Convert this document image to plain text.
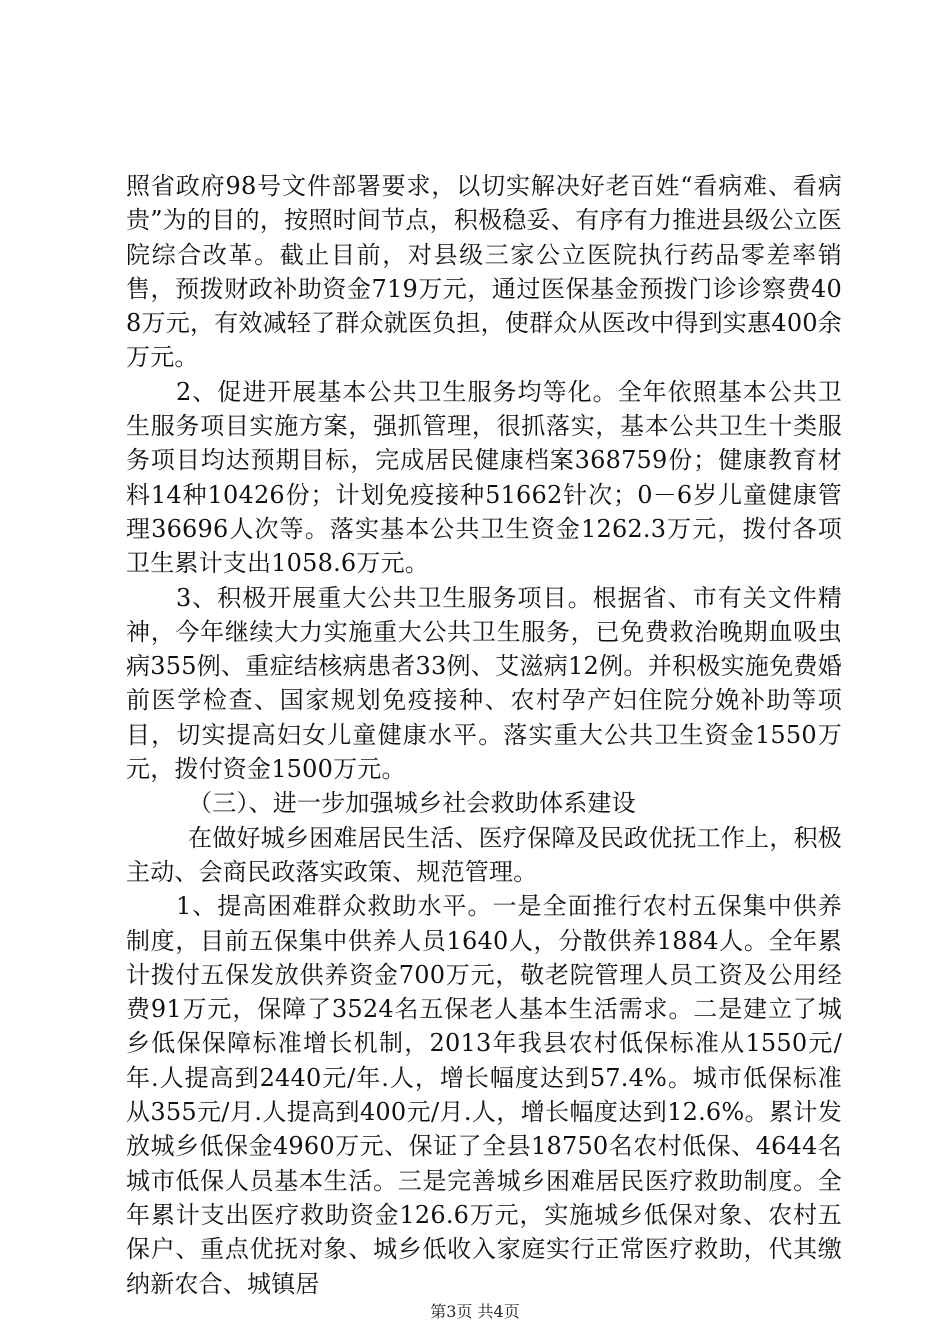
照省政府98号文件部署要求，以切实解决好老百姓“看病难、看病贵”为的目的，按照时间节点，积极稳妥、有序有力推进县级公立医院综合改革。截止目前，对县级三家公立医院执行药品零差率销售，预拨财政补助资金719万元，通过医保基金预拨门诊诊察费408万元，有效减轻了群众就医负担，使群众从医改中得到实惠400余万元。

2、促进开展基本公共卫生服务均等化。全年依照基本公共卫生服务项目实施方案，强抓管理，很抓落实，基本公共卫生十类服务项目均达预期目标，完成居民健康档案368759份；健康教育材料14种10426份；计划免疫接种51662针次；0－6岁儿童健康管理36696人次等。落实基本公共卫生资金1262.3万元，拨付各项卫生累计支出1058.6万元。

3、积极开展重大公共卫生服务项目。根据省、市有关文件精神，今年继续大力实施重大公共卫生服务，已免费救治晚期血吸虫病355例、重症结核病患者33例、艾滋病12例。并积极实施免费婚前医学检查、国家规划免疫接种、农村孕产妇住院分娩补助等项目，切实提高妇女儿童健康水平。落实重大公共卫生资金1550万元，拨付资金1500万元。

（三）、进一步加强城乡社会救助体系建设

在做好城乡困难居民生活、医疗保障及民政优抚工作上，积极主动、会商民政落实政策、规范管理。

1、提高困难群众救助水平。一是全面推行农村五保集中供养制度，目前五保集中供养人员1640人，分散供养1884人。全年累计拨付五保发放供养资金700万元，敬老院管理人员工资及公用经费91万元，保障了3524名五保老人基本生活需求。二是建立了城乡低保保障标准增长机制，2013年我县农村低保标准从1550元/年.人提高到2440元/年.人，增长幅度达到57.4%。城市低保标准从355元/月.人提高到400元/月.人，增长幅度达到12.6%。累计发放城乡低保金4960万元、保证了全县18750名农村低保、4644名城市低保人员基本生活。三是完善城乡困难居民医疗救助制度。全年累计支出医疗救助资金126.6万元，实施城乡低保对象、农村五保户、重点优抚对象、城乡低收入家庭实行正常医疗救助，代其缴纳新农合、城镇居

第3页 共4页
